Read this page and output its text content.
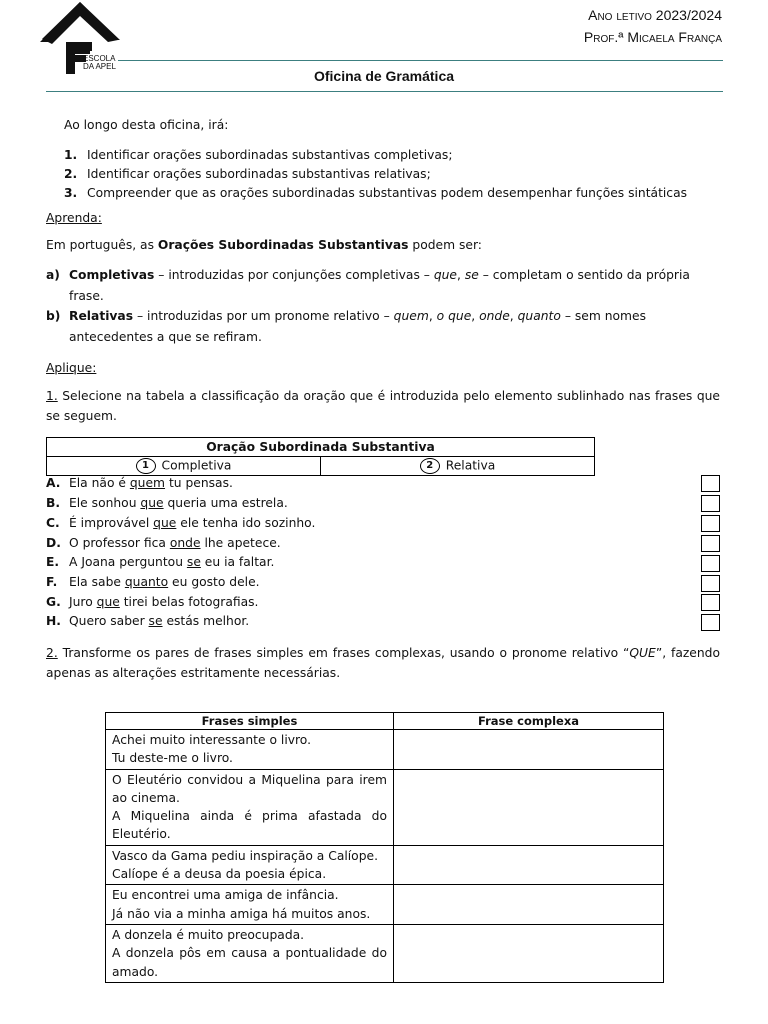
ESCOLA
DA APEL
Ano letivo 2023/2024
Prof.ª Micaela França
Oficina de Gramática
Ao longo desta oficina, irá:
1. Identificar orações subordinadas substantivas completivas;
2. Identificar orações subordinadas substantivas relativas;
3. Compreender que as orações subordinadas substantivas podem desempenhar funções sintáticas
Aprenda:
Em português, as Orações Subordinadas Substantivas podem ser:
a) Completivas – introduzidas por conjunções completivas – que, se – completam o sentido da própria
frase.
b) Relativas – introduzidas por um pronome relativo – quem, o que, onde, quanto – sem nomes
antecedentes a que se refiram.
Aplique:
1. Selecione na tabela a classificação da oração que é introduzida pelo elemento sublinhado nas frases que se seguem.
Oração Subordinada Substantiva
1 Completiva	2 Relativa
A. Ela não é quem tu pensas.
B. Ele sonhou que queria uma estrela.
C. É improvável que ele tenha ido sozinho.
D. O professor fica onde lhe apetece.
E. A Joana perguntou se eu ia faltar.
F. Ela sabe quanto eu gosto dele.
G. Juro que tirei belas fotografias.
H. Quero saber se estás melhor.
2. Transforme os pares de frases simples em frases complexas, usando o pronome relativo “QUE”, fazendo apenas as alterações estritamente necessárias.
Frases simples	Frase complexa

Achei muito interessante o livro.
Tu deste-me o livro.	

O Eleutério convidou a Miquelina para irem ao cinema.
A Miquelina ainda é prima afastada do Eleutério.	

Vasco da Gama pediu inspiração a Calíope.
Calíope é a deusa da poesia épica.	

Eu encontrei uma amiga de infância.
Já não via a minha amiga há muitos anos.	

A donzela é muito preocupada.
A donzela pôs em causa a pontualidade do amado.	
